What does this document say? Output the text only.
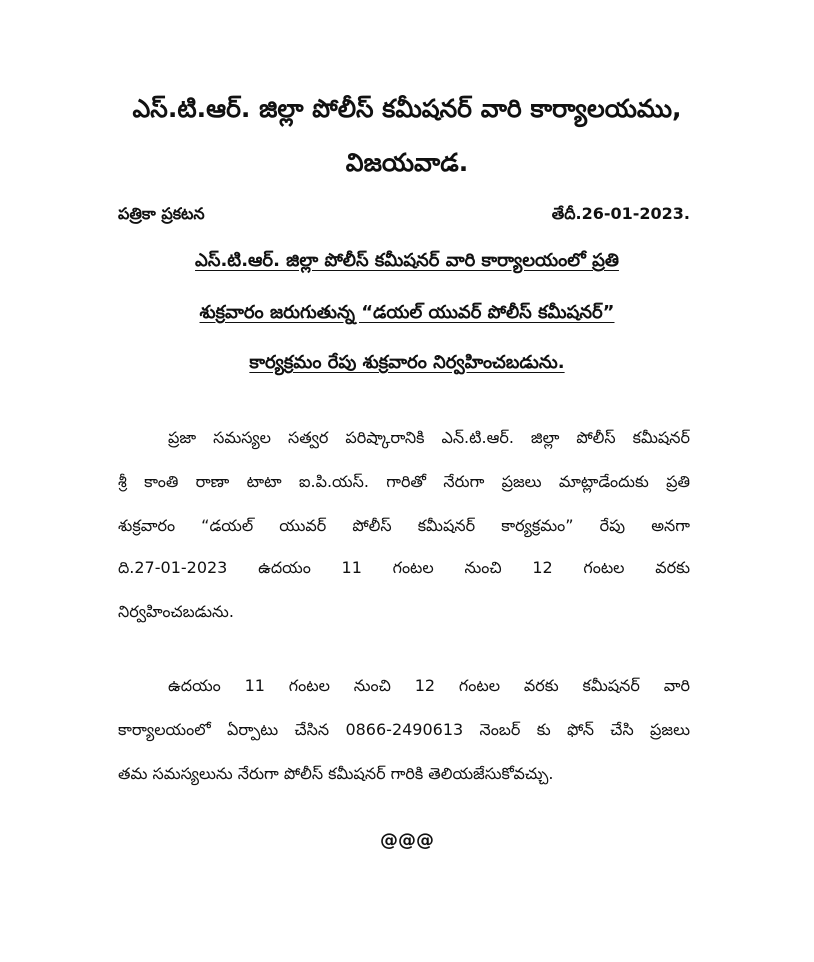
ఎస్.టి.ఆర్. జిల్లా పోలీస్ కమీషనర్ వారి కార్యాలయము,
విజయవాడ.
పత్రికా ప్రకటన	తేదీ.26-01-2023.
ఎస్.టి.ఆర్. జిల్లా పోలీస్ కమీషనర్ వారి కార్యాలయంలో ప్రతి
శుక్రవారం జరుగుతున్న “డయల్ యువర్ పోలీస్ కమీషనర్”
కార్యక్రమం రేపు శుక్రవారం నిర్వహించబడును.
ప్రజా సమస్యల సత్వర పరిష్కారానికి ఎన్.టి.ఆర్. జిల్లా పోలీస్ కమీషనర్
శ్రీ కాంతి రాణా టాటా ఐ.పి.యస్. గారితో నేరుగా ప్రజలు మాట్లాడేందుకు ప్రతి
శుక్రవారం “డయల్ యువర్ పోలీస్ కమీషనర్ కార్యక్రమం” రేపు అనగా
ది.27-01-2023 ఉదయం 11 గంటల నుంచి 12 గంటల వరకు
నిర్వహించబడును.
ఉదయం 11 గంటల నుంచి 12 గంటల వరకు కమీషనర్ వారి
కార్యాలయంలో ఏర్పాటు చేసిన 0866-2490613 నెంబర్ కు ఫోన్ చేసి ప్రజలు
తమ సమస్యలును నేరుగా పోలీస్ కమీషనర్ గారికి తెలియజేసుకోవచ్చు.
@@@
